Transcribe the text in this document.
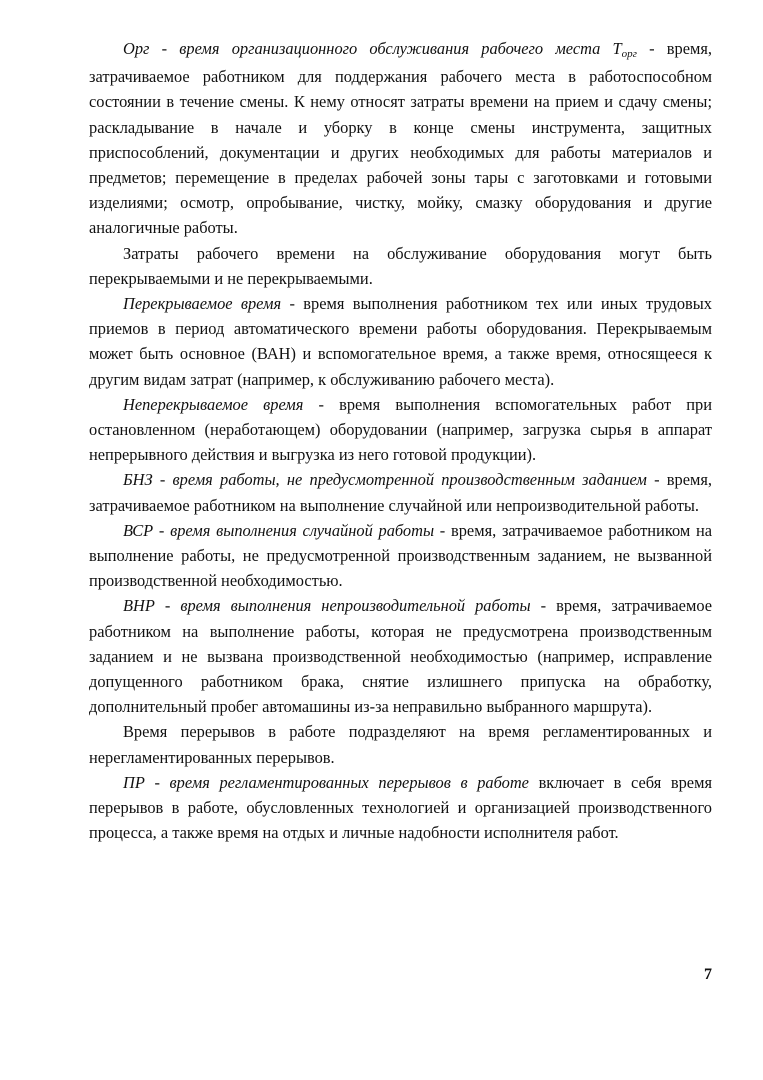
Орг - время организационного обслуживания рабочего места Tорг - время, затрачиваемое работником для поддержания рабочего места в работоспособном состоянии в течение смены. К нему относят затраты времени на прием и сдачу смены; раскладывание в начале и уборку в конце смены инструмента, защитных приспособлений, документации и других необходимых для работы материалов и предметов; перемещение в пределах рабочей зоны тары с заготовками и готовыми изделиями; осмотр, опробывание, чистку, мойку, смазку оборудования и другие аналогичные работы.

Затраты рабочего времени на обслуживание оборудования могут быть перекрываемыми и не перекрываемыми.

Перекрываемое время - время выполнения работником тех или иных трудовых приемов в период автоматического времени работы оборудования. Перекрываемым может быть основное (ВАН) и вспомогательное время, а также время, относящееся к другим видам затрат (например, к обслуживанию рабочего места).

Неперекрываемое время - время выполнения вспомогательных работ при остановленном (неработающем) оборудовании (например, загрузка сырья в аппарат непрерывного действия и выгрузка из него готовой продукции).

БНЗ - время работы, не предусмотренной производственным заданием - время, затрачиваемое работником на выполнение случайной или непроизводительной работы.

ВСР - время выполнения случайной работы - время, затрачиваемое работником на выполнение работы, не предусмотренной производственным заданием, не вызванной производственной необходимостью.

ВНР - время выполнения непроизводительной работы - время, затрачиваемое работником на выполнение работы, которая не предусмотрена производственным заданием и не вызвана производственной необходимостью (например, исправление допущенного работником брака, снятие излишнего припуска на обработку, дополнительный пробег автомашины из-за неправильно выбранного маршрута).

Время перерывов в работе подразделяют на время регламентированных и нерегламентированных перерывов.

ПР - время регламентированных перерывов в работе включает в себя время перерывов в работе, обусловленных технологией и организацией производственного процесса, а также время на отдых и личные надобности исполнителя работ.

7
